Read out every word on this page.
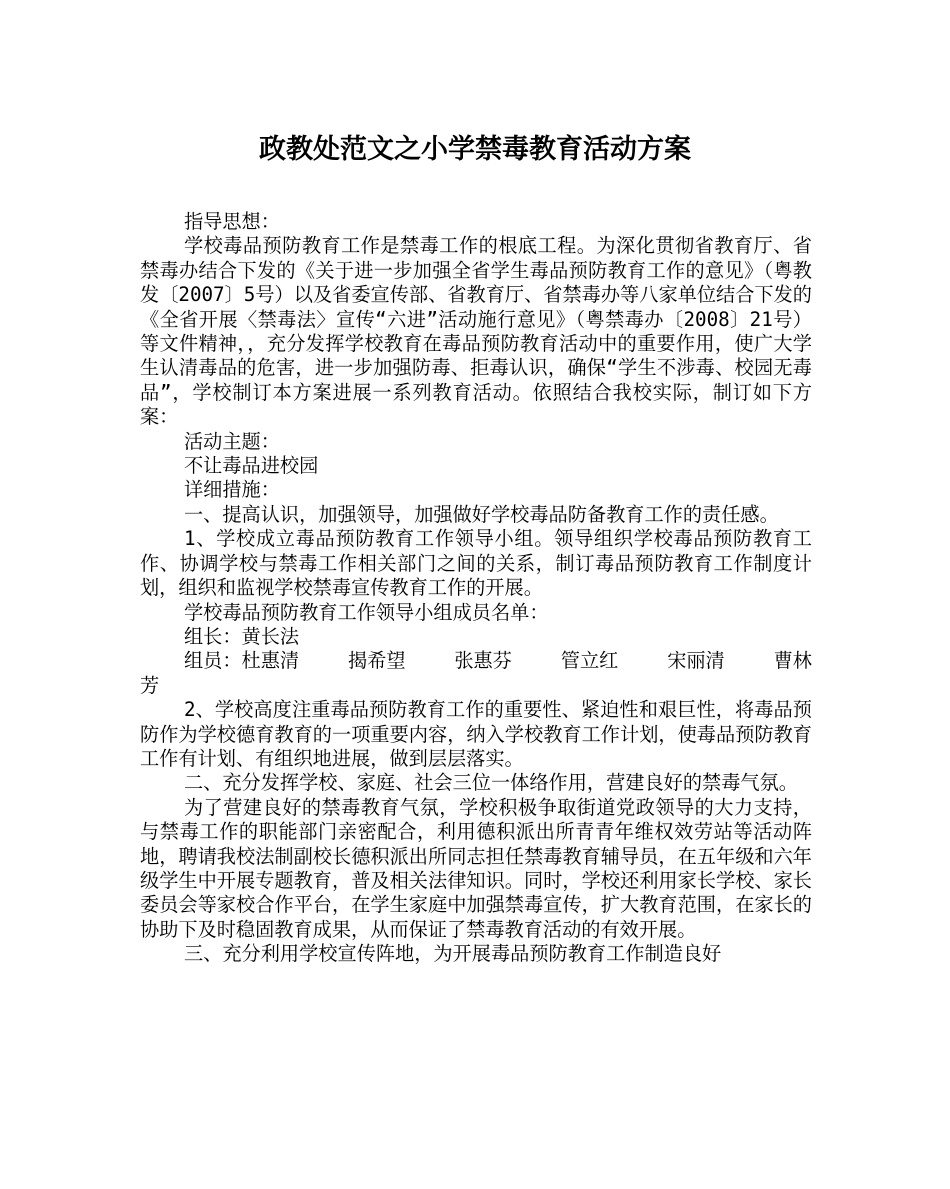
政教处范文之小学禁毒教育活动方案

指导思想：

学校毒品预防教育工作是禁毒工作的根底工程。为深化贯彻省教育厅、省禁毒办结合下发的《关于进一步加强全省学生毒品预防教育工作的意见》（粤教发〔2007〕5号）以及省委宣传部、省教育厅、省禁毒办等八家单位结合下发的《全省开展〈禁毒法〉宣传“六进”活动施行意见》（粤禁毒办〔2008〕21号）等文件精神，，充分发挥学校教育在毒品预防教育活动中的重要作用，使广大学生认清毒品的危害，进一步加强防毒、拒毒认识，确保“学生不涉毒、校园无毒品”，学校制订本方案进展一系列教育活动。依照结合我校实际，制订如下方案：

活动主题：

不让毒品进校园

详细措施：

一、提高认识，加强领导，加强做好学校毒品防备教育工作的责任感。

1、学校成立毒品预防教育工作领导小组。领导组织学校毒品预防教育工作、协调学校与禁毒工作相关部门之间的关系，制订毒品预防教育工作制度计划，组织和监视学校禁毒宣传教育工作的开展。

学校毒品预防教育工作领导小组成员名单：

组长：黄长法

组员：杜惠清	揭希望	张惠芬	管立红	宋丽清	曹林

芳

2、学校高度注重毒品预防教育工作的重要性、紧迫性和艰巨性，将毒品预防作为学校德育教育的一项重要内容，纳入学校教育工作计划，使毒品预防教育工作有计划、有组织地进展，做到层层落实。

二、充分发挥学校、家庭、社会三位一体络作用，营建良好的禁毒气氛。

为了营建良好的禁毒教育气氛，学校积极争取街道党政领导的大力支持，与禁毒工作的职能部门亲密配合，利用德积派出所青青年维权效劳站等活动阵地，聘请我校法制副校长德积派出所同志担任禁毒教育辅导员，在五年级和六年级学生中开展专题教育，普及相关法律知识。同时，学校还利用家长学校、家长委员会等家校合作平台，在学生家庭中加强禁毒宣传，扩大教育范围，在家长的协助下及时稳固教育成果，从而保证了禁毒教育活动的有效开展。

三、充分利用学校宣传阵地，为开展毒品预防教育工作制造良好
